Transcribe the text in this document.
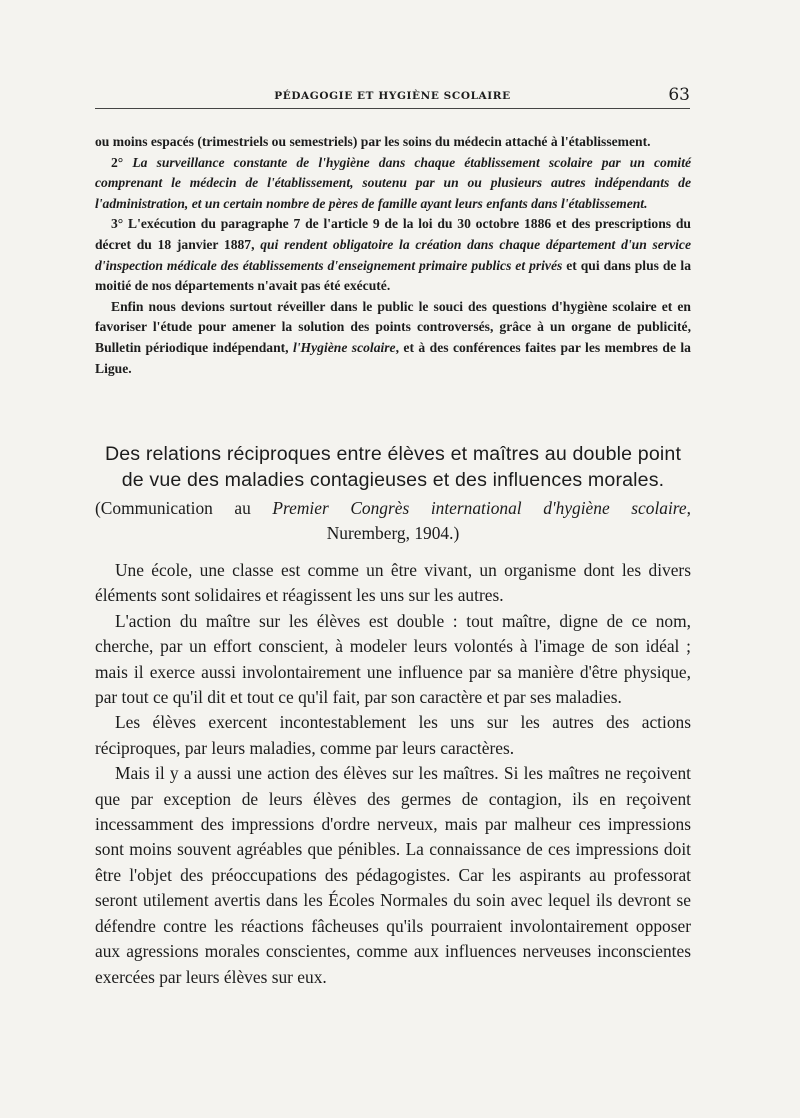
PÉDAGOGIE ET HYGIÈNE SCOLAIRE	63

ou moins espacés (trimestriels ou semestriels) par les soins du médecin attaché à l'établissement.

2° La surveillance constante de l'hygiène dans chaque établissement scolaire par un comité comprenant le médecin de l'établissement, soutenu par un ou plusieurs autres indépendants de l'administration, et un certain nombre de pères de famille ayant leurs enfants dans l'établissement.

3° L'exécution du paragraphe 7 de l'article 9 de la loi du 30 octobre 1886 et des prescriptions du décret du 18 janvier 1887, qui rendent obligatoire la création dans chaque département d'un service d'inspection médicale des établissements d'enseignement primaire publics et privés et qui dans plus de la moitié de nos départements n'avait pas été exécuté.

Enfin nous devions surtout réveiller dans le public le souci des questions d'hygiène scolaire et en favoriser l'étude pour amener la solution des points controversés, grâce à un organe de publicité, Bulletin périodique indépendant, l'Hygiène scolaire, et à des conférences faites par les membres de la Ligue.

Des relations réciproques entre élèves et maîtres au double point de vue des maladies contagieuses et des influences morales.
(Communication au Premier Congrès international d'hygiène scolaire,
Nuremberg, 1904.)

Une école, une classe est comme un être vivant, un organisme dont les divers éléments sont solidaires et réagissent les uns sur les autres.

L'action du maître sur les élèves est double : tout maître, digne de ce nom, cherche, par un effort conscient, à modeler leurs volontés à l'image de son idéal ; mais il exerce aussi involontairement une influence par sa manière d'être physique, par tout ce qu'il dit et tout ce qu'il fait, par son caractère et par ses maladies.

Les élèves exercent incontestablement les uns sur les autres des actions réciproques, par leurs maladies, comme par leurs caractères.

Mais il y a aussi une action des élèves sur les maîtres. Si les maîtres ne reçoivent que par exception de leurs élèves des germes de contagion, ils en reçoivent incessamment des impressions d'ordre nerveux, mais par malheur ces impressions sont moins souvent agréables que pénibles. La connaissance de ces impressions doit être l'objet des préoccupations des pédagogistes. Car les aspirants au professorat seront utilement avertis dans les Écoles Normales du soin avec lequel ils devront se défendre contre les réactions fâcheuses qu'ils pourraient involontairement opposer aux agressions morales conscientes, comme aux influences nerveuses inconscientes exercées par leurs élèves sur eux.
